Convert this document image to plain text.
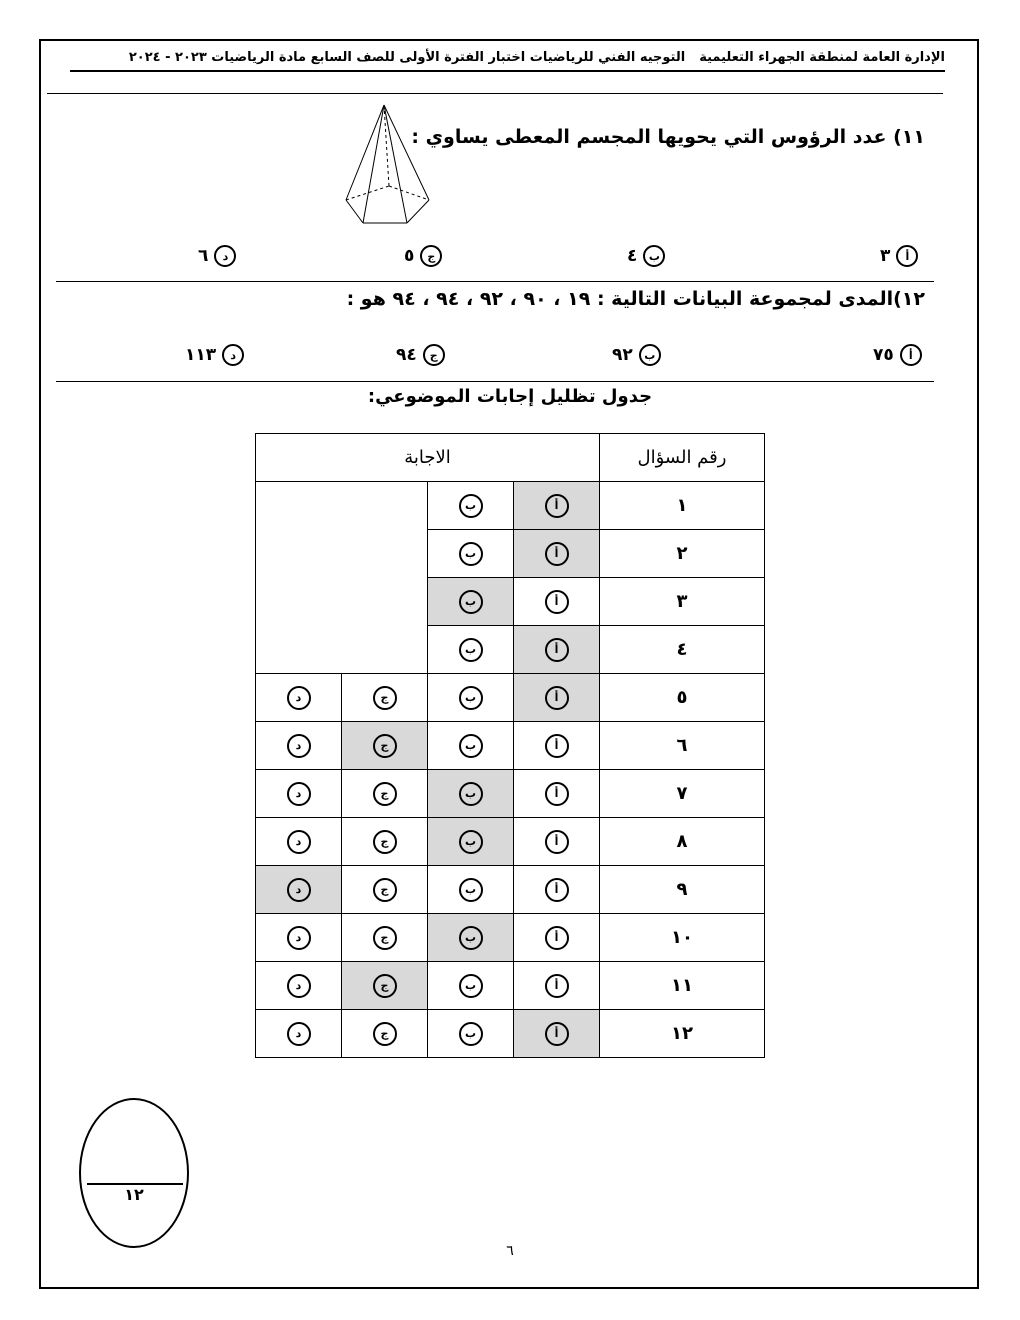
الإدارة العامة لمنطقة الجهراء التعليميةالتوجيه الفني للرياضيات اختبار الفترة الأولى للصف السابع مادة الرياضيات ٢٠٢٣ - ٢٠٢٤
١١) عدد الرؤوس التي يحويها المجسم المعطى يساوي :
أ
٣
ب
٤
ج
٥
د
٦
١٢)المدى لمجموعة البيانات التالية : ١٩ ، ٩٠ ، ٩٢ ، ٩٤ ، ٩٤ هو :
أ
٧٥
ب
٩٢
ج
٩٤
د
١١٣
جدول تظليل إجابات الموضوعي:
رقم السؤال	الاجابة			
١	أ	ب		
٢	أ	ب		
٣	أ	ب		
٤	أ	ب		
٥	أ	ب	ج	د
٦	أ	ب	ج	د
٧	أ	ب	ج	د
٨	أ	ب	ج	د
٩	أ	ب	ج	د
١٠	أ	ب	ج	د
١١	أ	ب	ج	د
١٢	أ	ب	ج	د
١٢
٦
